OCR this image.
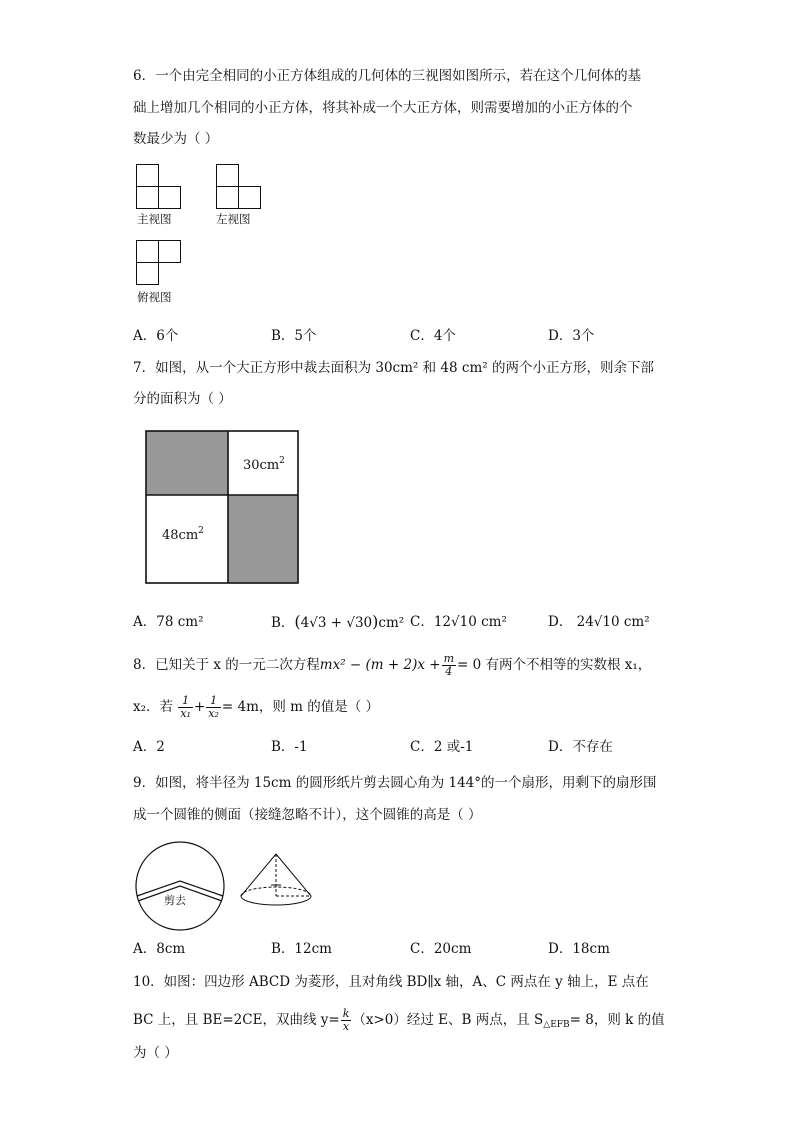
6．一个由完全相同的小正方体组成的几何体的三视图如图所示，若在这个几何体的基
础上增加几个相同的小正方体，将其补成一个大正方体，则需要增加的小正方体的个
数最少为（ ）
主视图	左视图
俯视图
A．6个	B．5个	C．4个	D．3个
7．如图，从一个大正方形中裁去面积为 30cm² 和 48 cm² 的两个小正方形，则余下部
分的面积为（ ）
$30cm^2$
$48cm^2$
A．78 cm²	B．(4√3 + √30)cm² C．12√10 cm²	D． 24√10 cm²
8．已知关于 x 的一元二次方程$mx^2 - (m + 2)x + \frac{m}{4} = 0$ 有两个不相等的实数根 x₁，
x₂．若 $\frac{1}{\text{x₁}} + \frac{1}{\text{x₂}} = 4m$，则 m 的值是（ ）
A．2	B．-1	C．2 或-1	D．不存在
9．如图，将半径为 15cm 的圆形纸片剪去圆心角为 144°的一个扇形，用剩下的扇形围
成一个圆锥的侧面（接缝忽略不计），这个圆锥的高是（ ）
剪去
A．8cm	B．12cm	C．20cm	D．18cm
10．如图：四边形 ABCD 为菱形，且对角线 BD∥x 轴，A、C 两点在 y 轴上，E 点在
BC 上，且 BE=2CE，双曲线 $y= \frac{k}{x} (x>0)$经过 E、B 两点，且 $S_{\triangle EFB}= 8$，则 k 的值
为（ ）
